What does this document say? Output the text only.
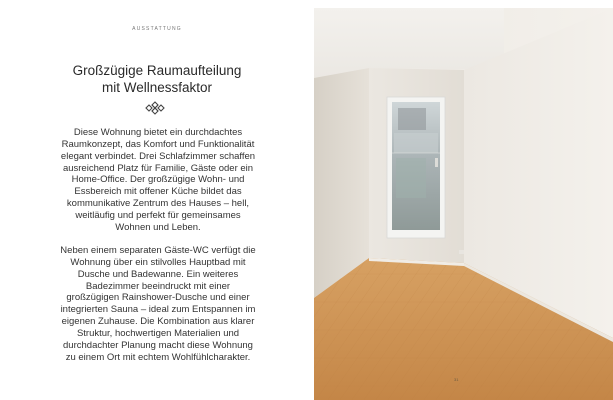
AUSSTATTUNG
Großzügige Raumaufteilung
mit Wellnessfaktor
Diese Wohnung bietet ein durchdachtes
Raumkonzept, das Komfort und Funktionalität
elegant verbindet. Drei Schlafzimmer schaffen
ausreichend Platz für Familie, Gäste oder ein
Home-Office. Der großzügige Wohn- und
Essbereich mit offener Küche bildet das
kommunikative Zentrum des Hauses – hell,
weitläufig und perfekt für gemeinsames
Wohnen und Leben.
Neben einem separaten Gäste-WC verfügt die
Wohnung über ein stilvolles Hauptbad mit
Dusche und Badewanne. Ein weiteres
Badezimmer beeindruckt mit einer
großzügigen Rainshower-Dusche und einer
integrierten Sauna – ideal zum Entspannen im
eigenen Zuhause. Die Kombination aus klarer
Struktur, hochwertigen Materialien und
durchdachter Planung macht diese Wohnung
zu einem Ort mit echtem Wohlfühlcharakter.
31
